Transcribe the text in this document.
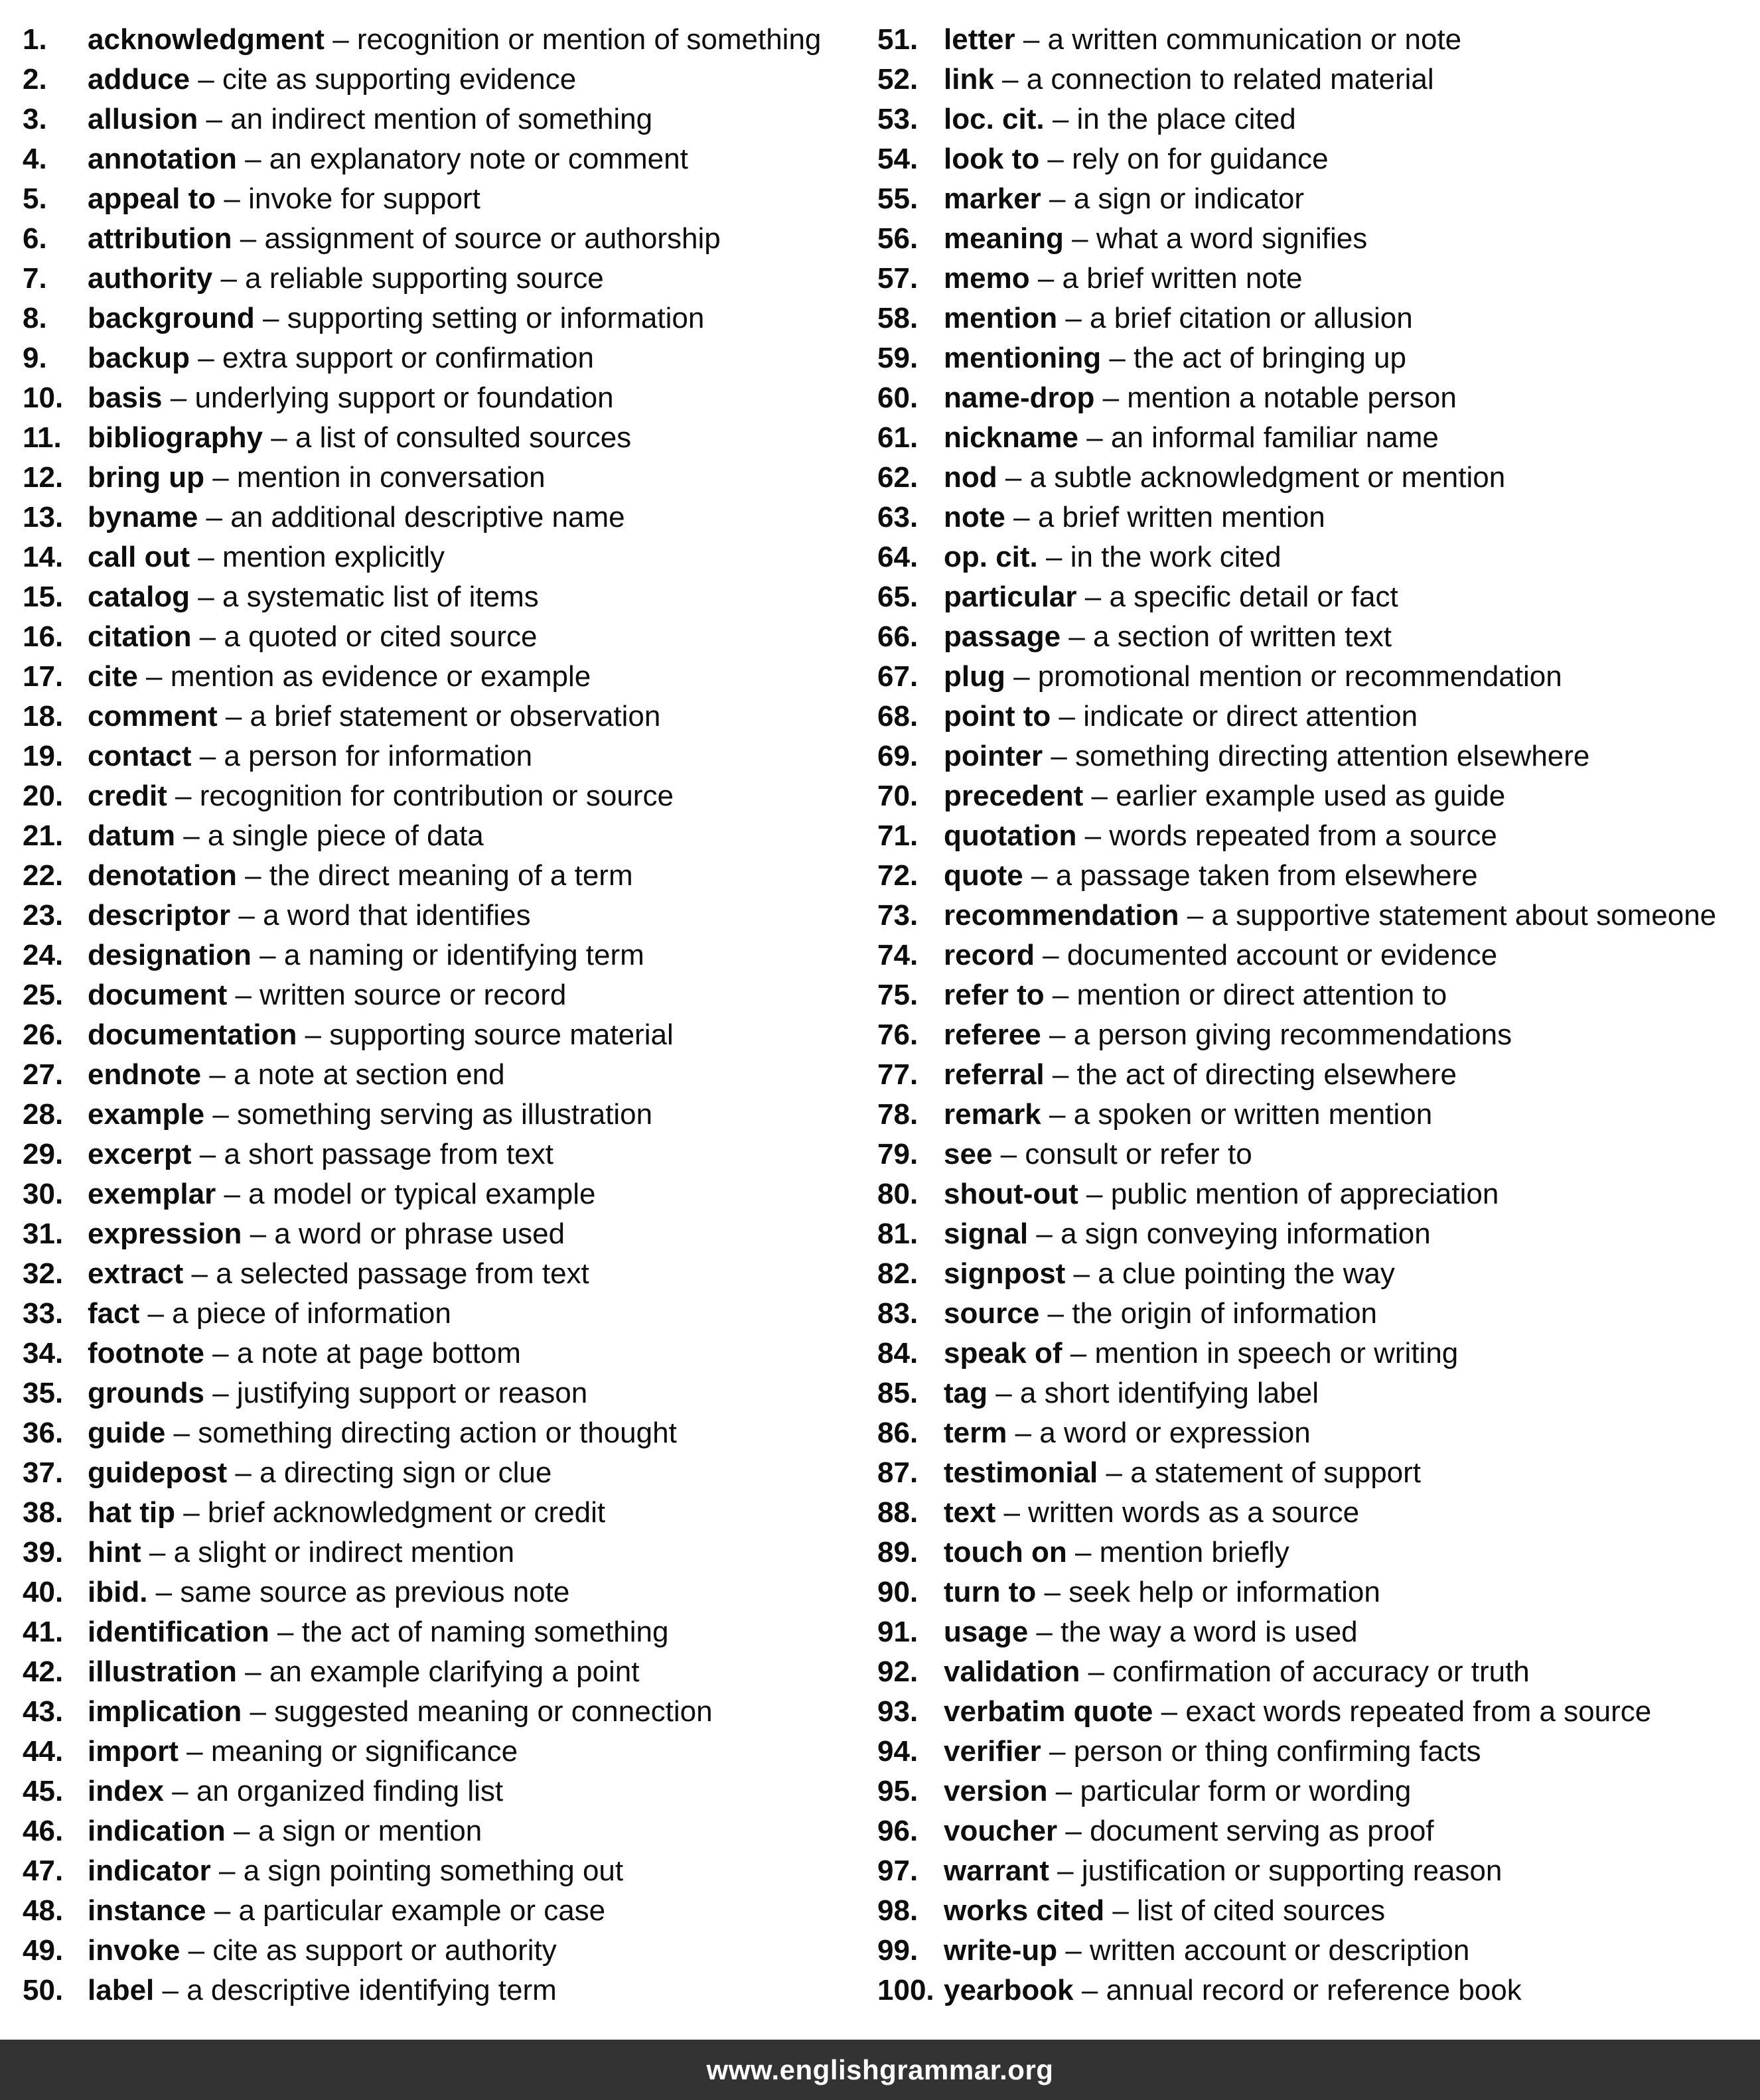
1.	acknowledgment – recognition or mention of something
2.	adduce – cite as supporting evidence
3.	allusion – an indirect mention of something
4.	annotation – an explanatory note or comment
5.	appeal to – invoke for support
6.	attribution – assignment of source or authorship
7.	authority – a reliable supporting source
8.	background – supporting setting or information
9.	backup – extra support or confirmation
10. basis – underlying support or foundation
11. bibliography – a list of consulted sources
12. bring up – mention in conversation
13. byname – an additional descriptive name
14. call out – mention explicitly
15. catalog – a systematic list of items
16. citation – a quoted or cited source
17. cite – mention as evidence or example
18. comment – a brief statement or observation
19. contact – a person for information
20. credit – recognition for contribution or source
21. datum – a single piece of data
22. denotation – the direct meaning of a term
23. descriptor – a word that identifies
24. designation – a naming or identifying term
25. document – written source or record
26. documentation – supporting source material
27. endnote – a note at section end
28. example – something serving as illustration
29. excerpt – a short passage from text
30. exemplar – a model or typical example
31. expression – a word or phrase used
32. extract – a selected passage from text
33. fact – a piece of information
34. footnote – a note at page bottom
35. grounds – justifying support or reason
36. guide – something directing action or thought
37. guidepost – a directing sign or clue
38. hat tip – brief acknowledgment or credit
39. hint – a slight or indirect mention
40. ibid. – same source as previous note
41. identification – the act of naming something
42. illustration – an example clarifying a point
43. implication – suggested meaning or connection
44. import – meaning or significance
45. index – an organized finding list
46. indication – a sign or mention
47. indicator – a sign pointing something out
48. instance – a particular example or case
49. invoke – cite as support or authority
50. label – a descriptive identifying term
51. letter – a written communication or note
52. link – a connection to related material
53. loc. cit. – in the place cited
54. look to – rely on for guidance
55. marker – a sign or indicator
56. meaning – what a word signifies
57. memo – a brief written note
58. mention – a brief citation or allusion
59. mentioning – the act of bringing up
60. name-drop – mention a notable person
61. nickname – an informal familiar name
62. nod – a subtle acknowledgment or mention
63. note – a brief written mention
64. op. cit. – in the work cited
65. particular – a specific detail or fact
66. passage – a section of written text
67. plug – promotional mention or recommendation
68. point to – indicate or direct attention
69. pointer – something directing attention elsewhere
70. precedent – earlier example used as guide
71. quotation – words repeated from a source
72. quote – a passage taken from elsewhere
73. recommendation – a supportive statement about someone
74. record – documented account or evidence
75. refer to – mention or direct attention to
76. referee – a person giving recommendations
77. referral – the act of directing elsewhere
78. remark – a spoken or written mention
79. see – consult or refer to
80. shout-out – public mention of appreciation
81. signal – a sign conveying information
82. signpost – a clue pointing the way
83. source – the origin of information
84. speak of – mention in speech or writing
85. tag – a short identifying label
86. term – a word or expression
87. testimonial – a statement of support
88. text – written words as a source
89. touch on – mention briefly
90. turn to – seek help or information
91. usage – the way a word is used
92. validation – confirmation of accuracy or truth
93. verbatim quote – exact words repeated from a source
94. verifier – person or thing confirming facts
95. version – particular form or wording
96. voucher – document serving as proof
97. warrant – justification or supporting reason
98. works cited – list of cited sources
99. write-up – written account or description
100. yearbook – annual record or reference book
www.englishgrammar.org
